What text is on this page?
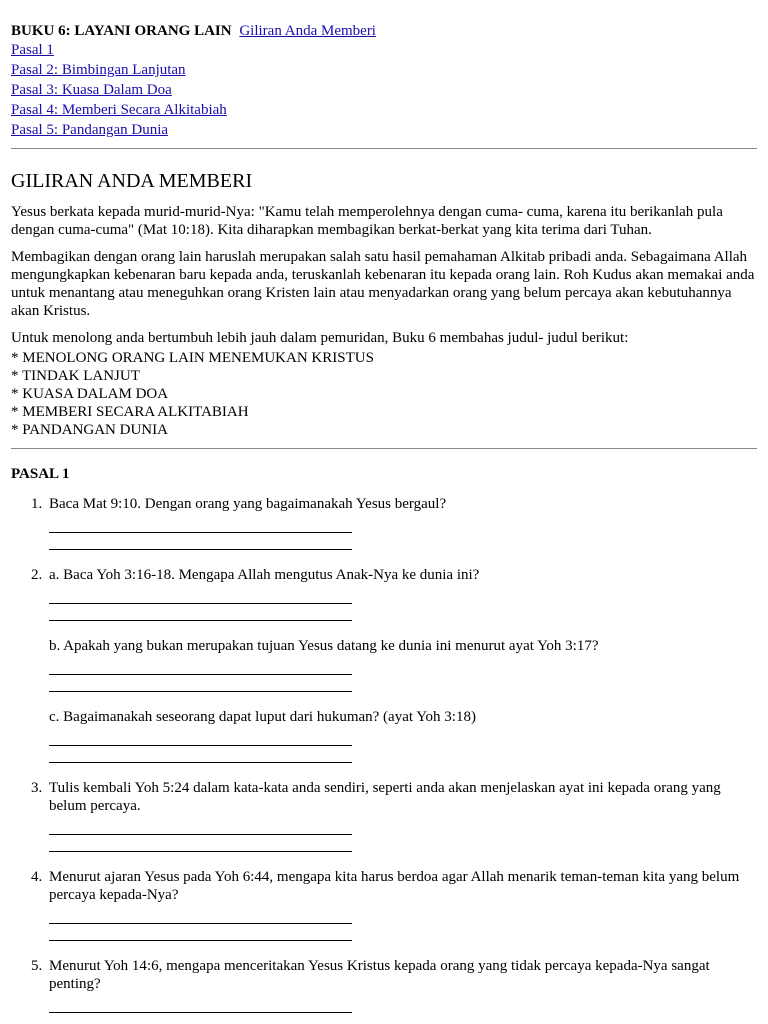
BUKU 6: LAYANI ORANG LAIN Giliran Anda Memberi
Pasal 1
Pasal 2: Bimbingan Lanjutan
Pasal 3: Kuasa Dalam Doa
Pasal 4: Memberi Secara Alkitabiah
Pasal 5: Pandangan Dunia
GILIRAN ANDA MEMBERI

Yesus berkata kepada murid-murid-Nya: "Kamu telah memperolehnya dengan cuma- cuma, karena itu berikanlah pula dengan cuma-cuma" (Mat 10:18). Kita diharapkan membagikan berkat-berkat yang kita terima dari Tuhan.

Membagikan dengan orang lain haruslah merupakan salah satu hasil pemahaman Alkitab pribadi anda. Sebagaimana Allah mengungkapkan kebenaran baru kepada anda, teruskanlah kebenaran itu kepada orang lain. Roh Kudus akan memakai anda untuk menantang atau meneguhkan orang Kristen lain atau menyadarkan orang yang belum percaya akan kebutuhannya akan Kristus.

Untuk menolong anda bertumbuh lebih jauh dalam pemuridan, Buku 6 membahas judul- judul berikut:

* MENOLONG ORANG LAIN MENEMUKAN KRISTUS
* TINDAK LANJUT
* KUASA DALAM DOA
* MEMBERI SECARA ALKITABIAH
* PANDANGAN DUNIA
PASAL 1
1. Baca Mat 9:10. Dengan orang yang bagaimanakah Yesus bergaul?
2. a. Baca Yoh 3:16-18. Mengapa Allah mengutus Anak-Nya ke dunia ini?
b. Apakah yang bukan merupakan tujuan Yesus datang ke dunia ini menurut ayat Yoh 3:17?
c. Bagaimanakah seseorang dapat luput dari hukuman? (ayat Yoh 3:18)
3. Tulis kembali Yoh 5:24 dalam kata-kata anda sendiri, seperti anda akan menjelaskan ayat ini kepada orang yang belum percaya.
4. Menurut ajaran Yesus pada Yoh 6:44, mengapa kita harus berdoa agar Allah menarik teman-teman kita yang belum percaya kepada-Nya?
5. Menurut Yoh 14:6, mengapa menceritakan Yesus Kristus kepada orang yang tidak percaya kepada-Nya sangat penting?
